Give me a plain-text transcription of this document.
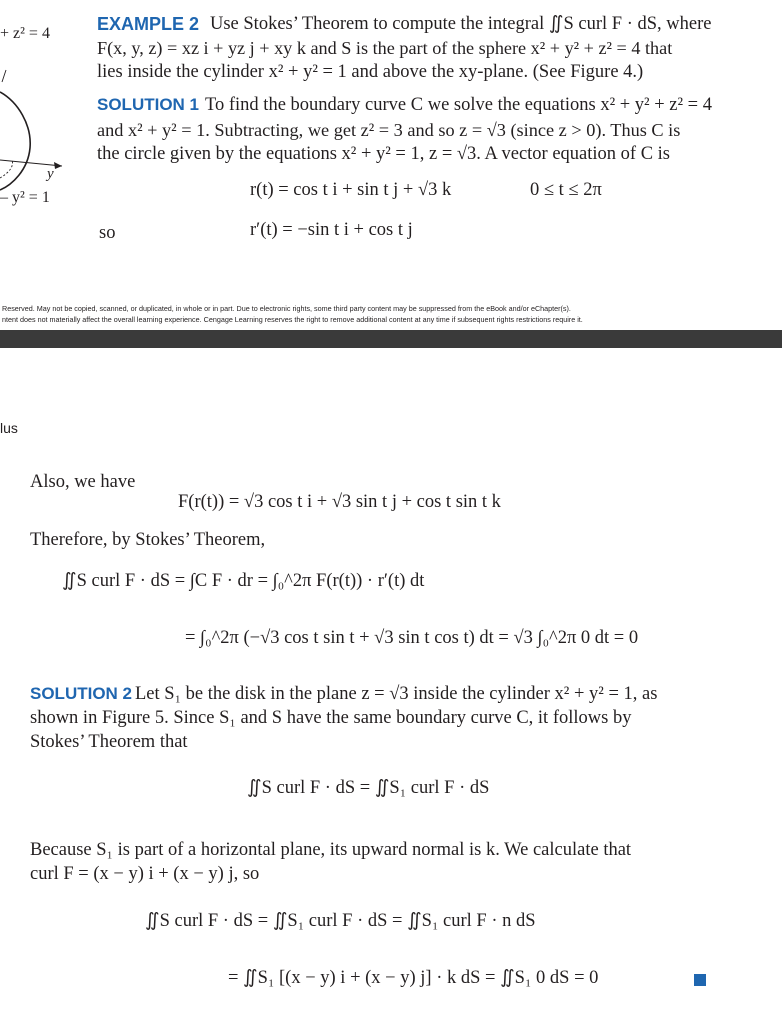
+ z² = 4
y
– y² = 1
EXAMPLE 2 Use Stokes’ Theorem to compute the integral ∬S curl F · dS, where
F(x, y, z) = xz i + yz j + xy k and S is the part of the sphere x² + y² + z² = 4 that
lies inside the cylinder x² + y² = 1 and above the xy-plane. (See Figure 4.)
SOLUTION 1 To find the boundary curve C we solve the equations x² + y² + z² = 4
and x² + y² = 1. Subtracting, we get z² = 3 and so z = √3 (since z > 0). Thus C is
the circle given by the equations x² + y² = 1, z = √3. A vector equation of C is
r(t) = cos t i + sin t j + √3 k	0 ≤ t ≤ 2π
so	r′(t) = −sin t i + cos t j
Reserved. May not be copied, scanned, or duplicated, in whole or in part. Due to electronic rights, some third party content may be suppressed from the eBook and/or eChapter(s).
ntent does not materially affect the overall learning experience. Cengage Learning reserves the right to remove additional content at any time if subsequent rights restrictions require it.
lus
Also, we have
F(r(t)) = √3 cos t i + √3 sin t j + cos t sin t k
Therefore, by Stokes’ Theorem,
∬S curl F · dS = ∫C F · dr = ∫₀^2π F(r(t)) · r′(t) dt
= ∫₀^2π (−√3 cos t sin t + √3 sin t cos t) dt = √3 ∫₀^2π 0 dt = 0
SOLUTION 2 Let S₁ be the disk in the plane z = √3 inside the cylinder x² + y² = 1, as
shown in Figure 5. Since S₁ and S have the same boundary curve C, it follows by
Stokes’ Theorem that
∬S curl F · dS = ∬S₁ curl F · dS
Because S₁ is part of a horizontal plane, its upward normal is k. We calculate that
curl F = (x − y) i + (x − y) j, so
∬S curl F · dS = ∬S₁ curl F · dS = ∬S₁ curl F · n dS
= ∬S₁ [(x − y) i + (x − y) j] · k dS = ∬S₁ 0 dS = 0
